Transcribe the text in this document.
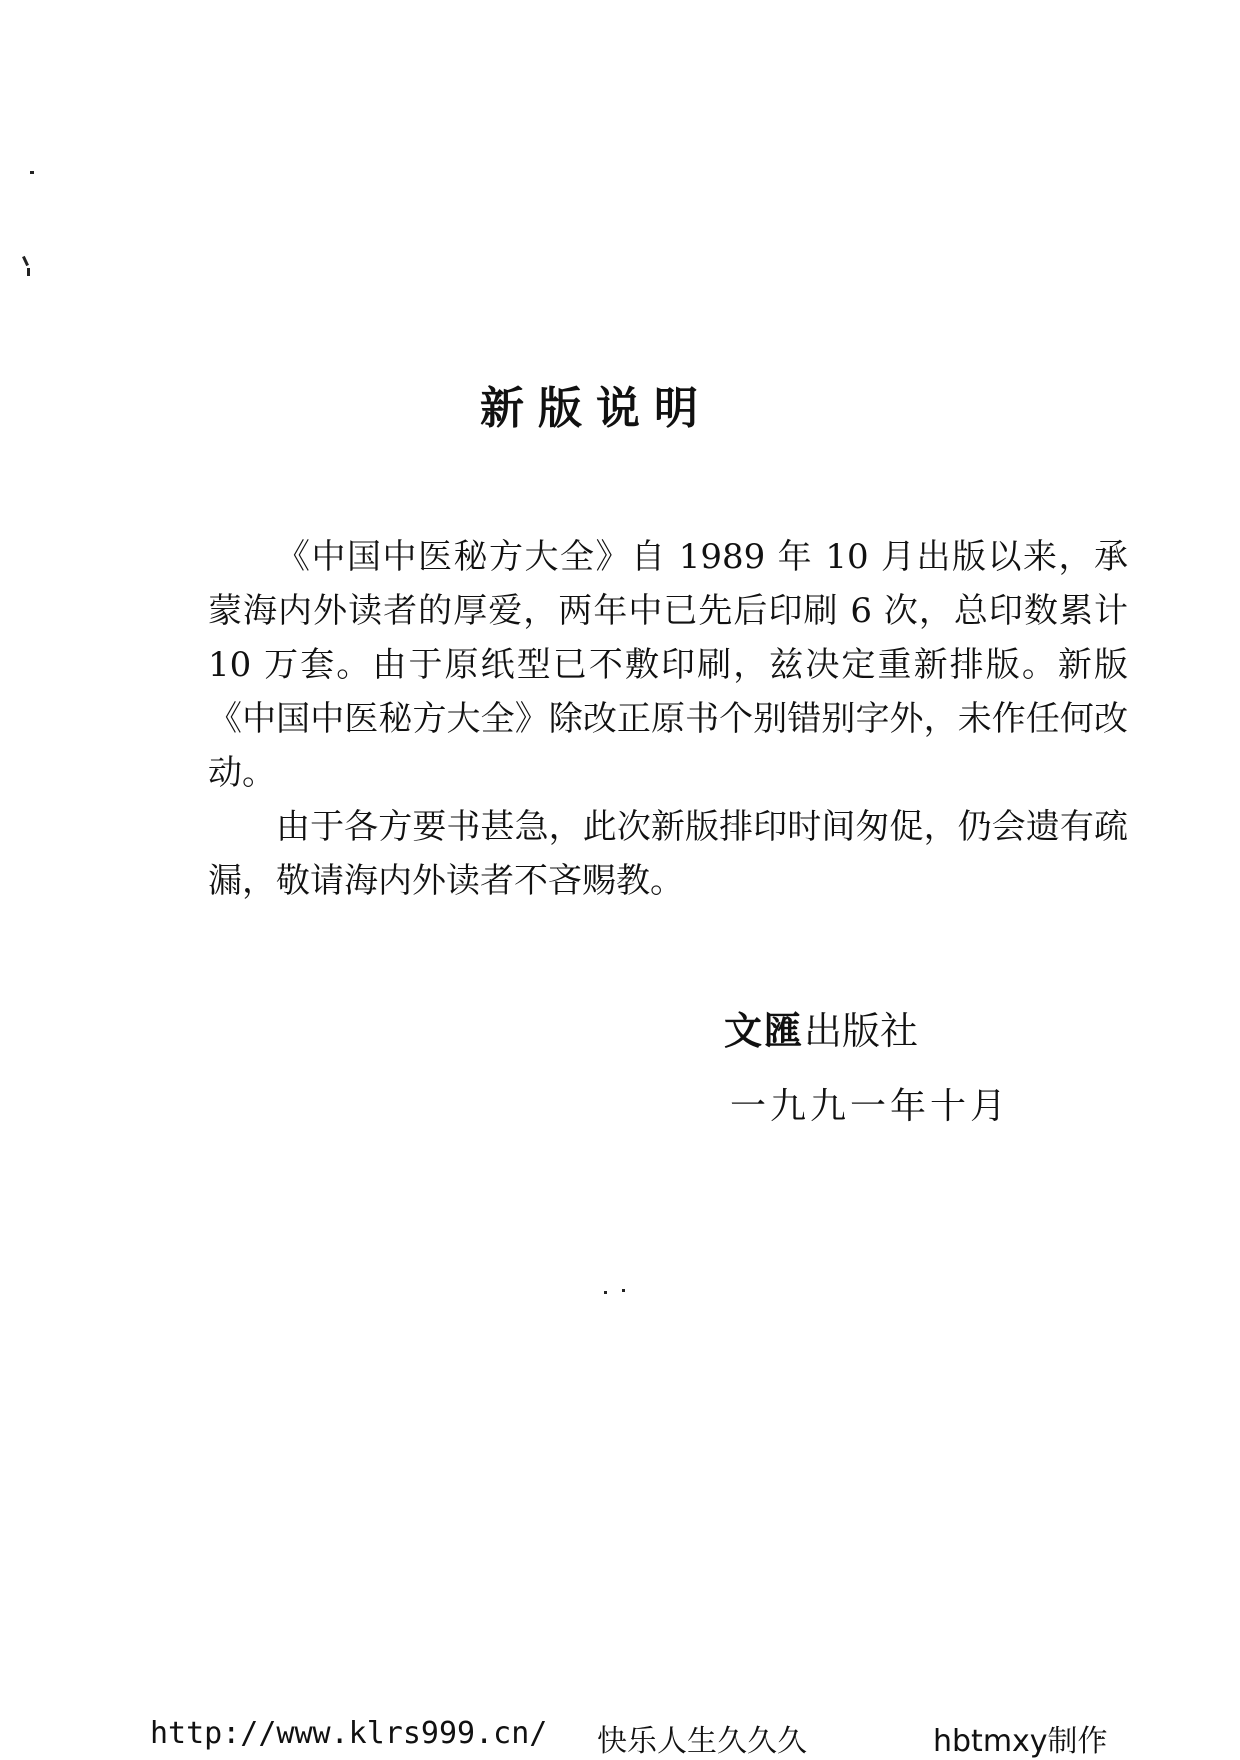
新版说明

《中国中医秘方大全》自 1989 年 10 月出版以来，承蒙海内外读者的厚爱，两年中已先后印刷 6 次，总印数累计 10 万套。由于原纸型已不敷印刷，兹决定重新排版。新版《中国中医秘方大全》除改正原书个别错别字外，未作任何改动。

由于各方要书甚急，此次新版排印时间匆促，仍会遗有疏漏，敬请海内外读者不吝赐教。

文匯出版社
一九九一年十月
http://www.klrs999.cn/ 快乐人生久久久	hbtmxy制作
